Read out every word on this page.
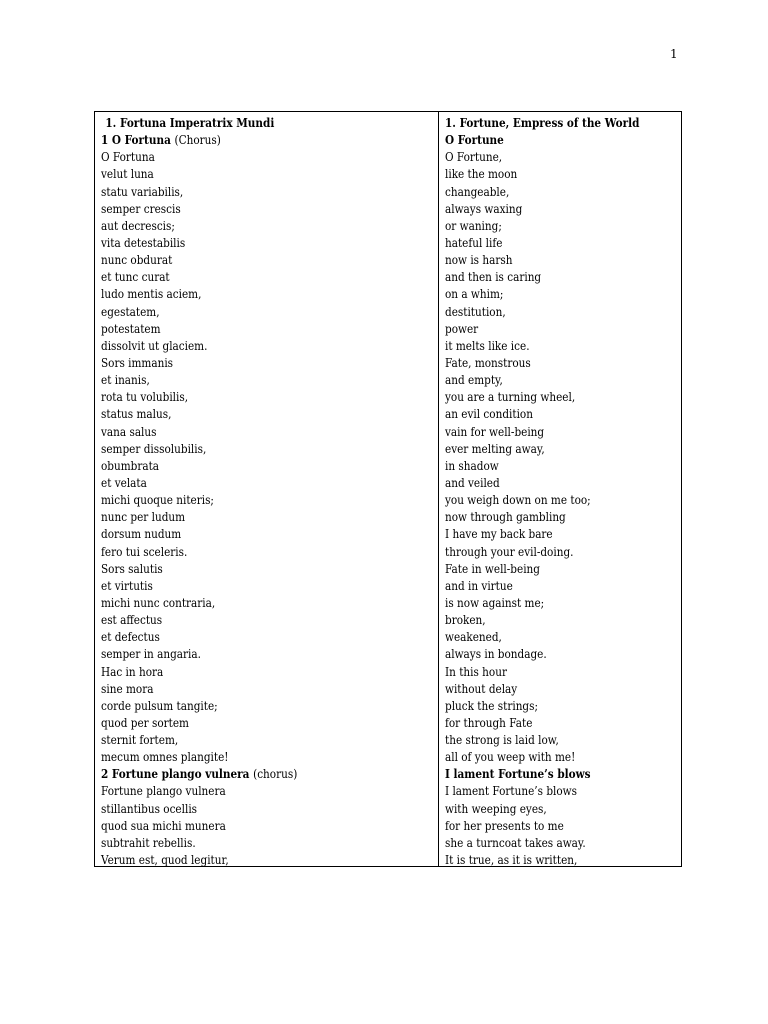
1
1. Fortuna Imperatrix Mundi
1 O Fortuna (Chorus)
O Fortuna
velut luna
statu variabilis,
semper crescis
aut decrescis;
vita detestabilis
nunc obdurat
et tunc curat
ludo mentis aciem,
egestatem,
potestatem
dissolvit ut glaciem.
Sors immanis
et inanis,
rota tu volubilis,
status malus,
vana salus
semper dissolubilis,
obumbrata
et velata
michi quoque niteris;
nunc per ludum
dorsum nudum
fero tui sceleris.
Sors salutis
et virtutis
michi nunc contraria,
est affectus
et defectus
semper in angaria.
Hac in hora
sine mora
corde pulsum tangite;
quod per sortem
sternit fortem,
mecum omnes plangite!
2 Fortune plango vulnera (chorus)
Fortune plango vulnera
stillantibus ocellis
quod sua michi munera
subtrahit rebellis.
Verum est, quod legitur,
1. Fortune, Empress of the World
O Fortune
O Fortune,
like the moon
changeable,
always waxing
or waning;
hateful life
now is harsh
and then is caring
on a whim;
destitution,
power
it melts like ice.
Fate, monstrous
and empty,
you are a turning wheel,
an evil condition
vain for well-being
ever melting away,
in shadow
and veiled
you weigh down on me too;
now through gambling
I have my back bare
through your evil-doing.
Fate in well-being
and in virtue
is now against me;
broken,
weakened,
always in bondage.
In this hour
without delay
pluck the strings;
for through Fate
the strong is laid low,
all of you weep with me!
I lament Fortune’s blows
I lament Fortune’s blows
with weeping eyes,
for her presents to me
she a turncoat takes away.
It is true, as it is written,
